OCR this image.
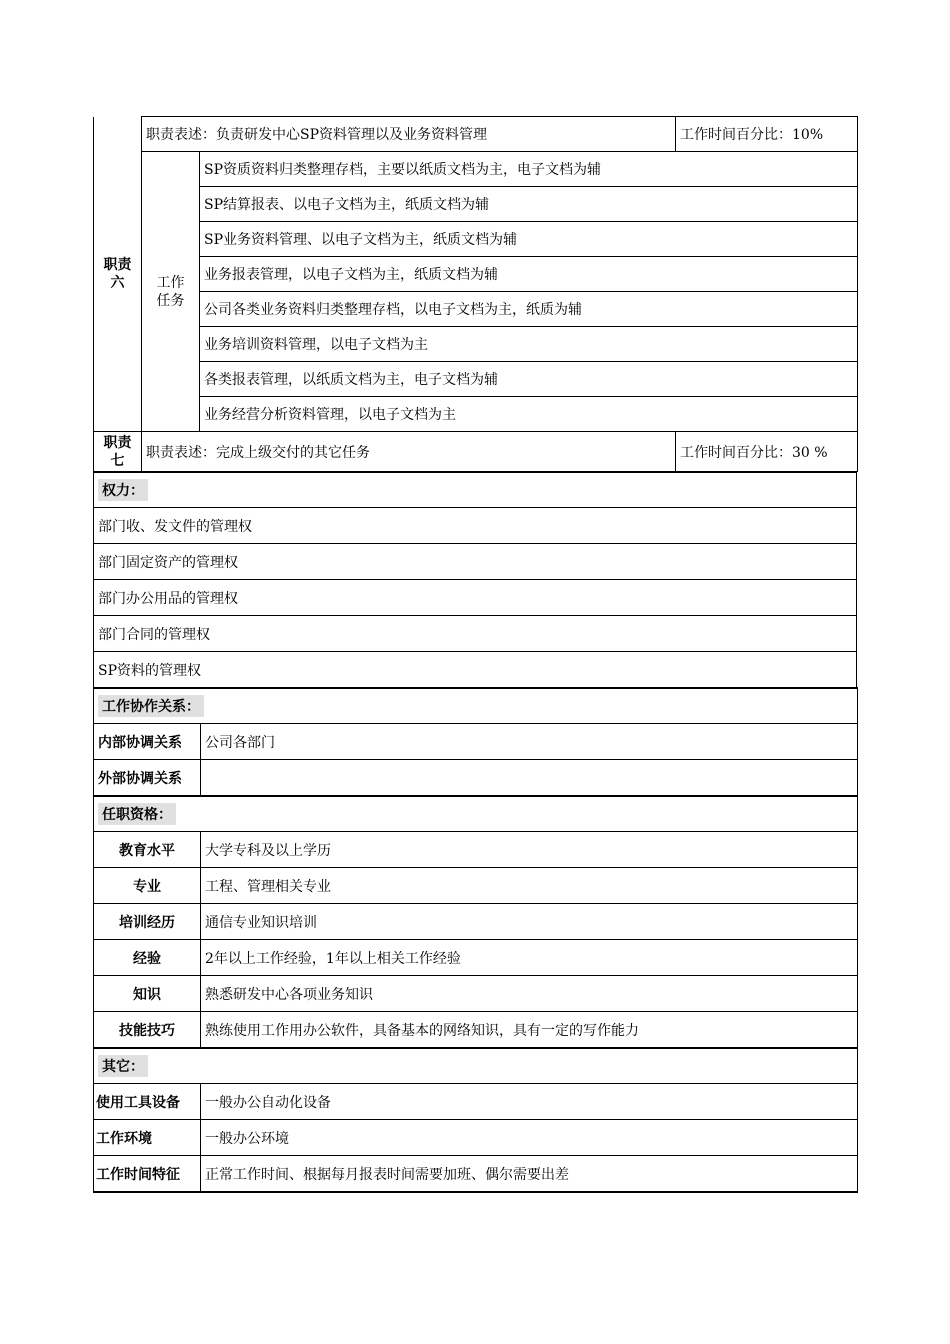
职责六	职责表述：负责研发中心SP资料管理以及业务资料管理		工作时间百分比：10%
	工作任务	SP资质资料归类整理存档，主要以纸质文档为主，电子文档为辅	
		SP结算报表、以电子文档为主，纸质文档为辅	
		SP业务资料管理、以电子文档为主，纸质文档为辅	
		业务报表管理，以电子文档为主，纸质文档为辅	
		公司各类业务资料归类整理存档，以电子文档为主，纸质为辅	
		业务培训资料管理，以电子文档为主	
		各类报表管理，以纸质文档为主，电子文档为辅	
		业务经营分析资料管理，以电子文档为主	
职责七	职责表述：完成上级交付的其它任务		工作时间百分比：30 %
权力：
部门收、发文件的管理权
部门固定资产的管理权
部门办公用品的管理权
部门合同的管理权
SP资料的管理权
工作协作关系：	
内部协调关系	公司各部门
外部协调关系	
任职资格：	
教育水平	大学专科及以上学历
专业	工程、管理相关专业
培训经历	通信专业知识培训
经验	2年以上工作经验，1年以上相关工作经验
知识	熟悉研发中心各项业务知识
技能技巧	熟练使用工作用办公软件，具备基本的网络知识，具有一定的写作能力
其它：	
使用工具设备	一般办公自动化设备
工作环境	一般办公环境
工作时间特征	正常工作时间、根据每月报表时间需要加班、偶尔需要出差
